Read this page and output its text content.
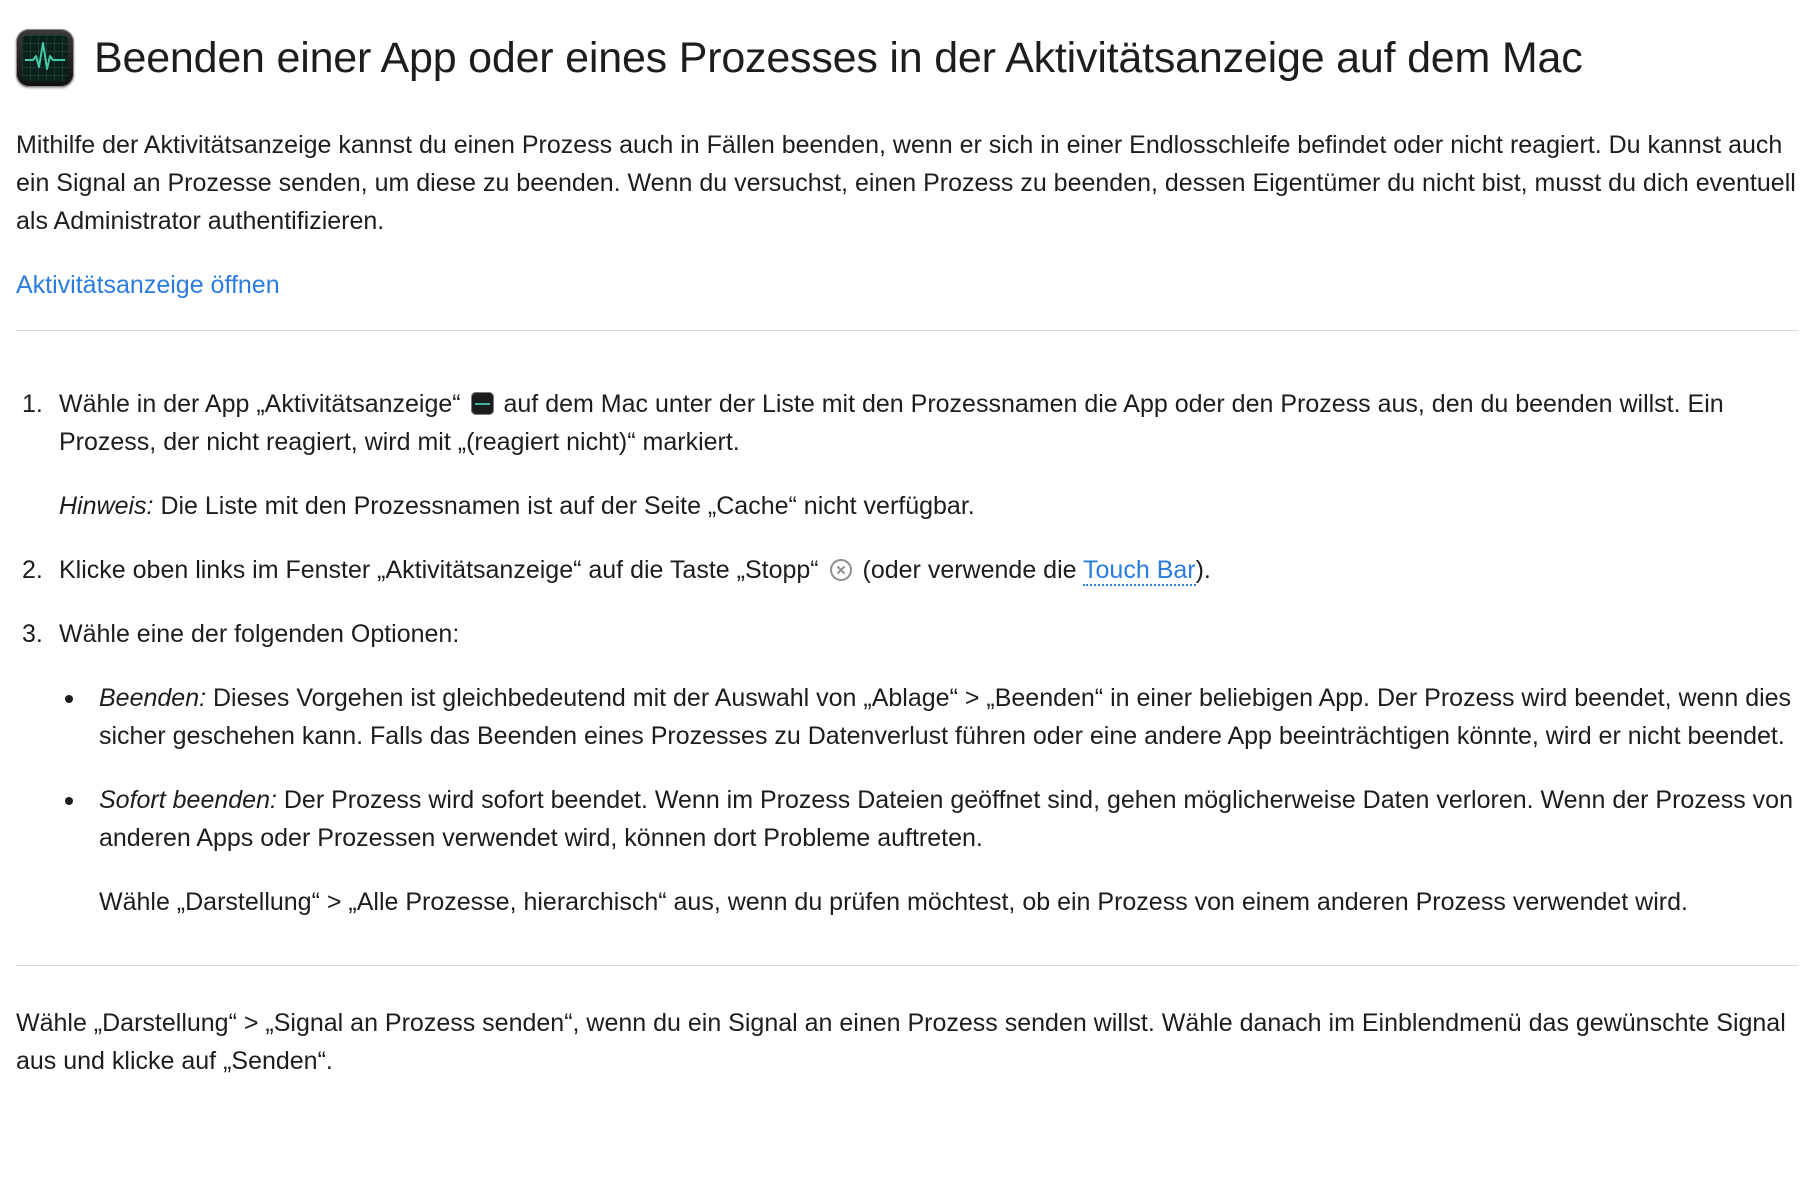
Beenden einer App oder eines Prozesses in der Aktivitätsanzeige auf dem Mac

Mithilfe der Aktivitätsanzeige kannst du einen Prozess auch in Fällen beenden, wenn er sich in einer Endlosschleife befindet oder nicht reagiert. Du kannst auch ein Signal an Prozesse senden, um diese zu beenden. Wenn du versuchst, einen Prozess zu beenden, dessen Eigentümer du nicht bist, musst du dich eventuell als Administrator authentifizieren.

Aktivitätsanzeige öffnen
1. Wähle in der App „Aktivitätsanzeige“ auf dem Mac unter der Liste mit den Prozessnamen die App oder den Prozess aus, den du beenden willst. Ein Prozess, der nicht reagiert, wird mit „(reagiert nicht)“ markiert.
Hinweis: Die Liste mit den Prozessnamen ist auf der Seite „Cache“ nicht verfügbar.
2. Klicke oben links im Fenster „Aktivitätsanzeige“ auf die Taste „Stopp“ (oder verwende die Touch Bar).
3. Wähle eine der folgenden Optionen:
Beenden: Dieses Vorgehen ist gleichbedeutend mit der Auswahl von „Ablage“ > „Beenden“ in einer beliebigen App. Der Prozess wird beendet, wenn dies sicher geschehen kann. Falls das Beenden eines Prozesses zu Datenverlust führen oder eine andere App beeinträchtigen könnte, wird er nicht beendet.
Sofort beenden: Der Prozess wird sofort beendet. Wenn im Prozess Dateien geöffnet sind, gehen möglicherweise Daten verloren. Wenn der Prozess von anderen Apps oder Prozessen verwendet wird, können dort Probleme auftreten.
Wähle „Darstellung“ > „Alle Prozesse, hierarchisch“ aus, wenn du prüfen möchtest, ob ein Prozess von einem anderen Prozess verwendet wird.

Wähle „Darstellung“ > „Signal an Prozess senden“, wenn du ein Signal an einen Prozess senden willst. Wähle danach im Einblendmenü das gewünschte Signal aus und klicke auf „Senden“.
